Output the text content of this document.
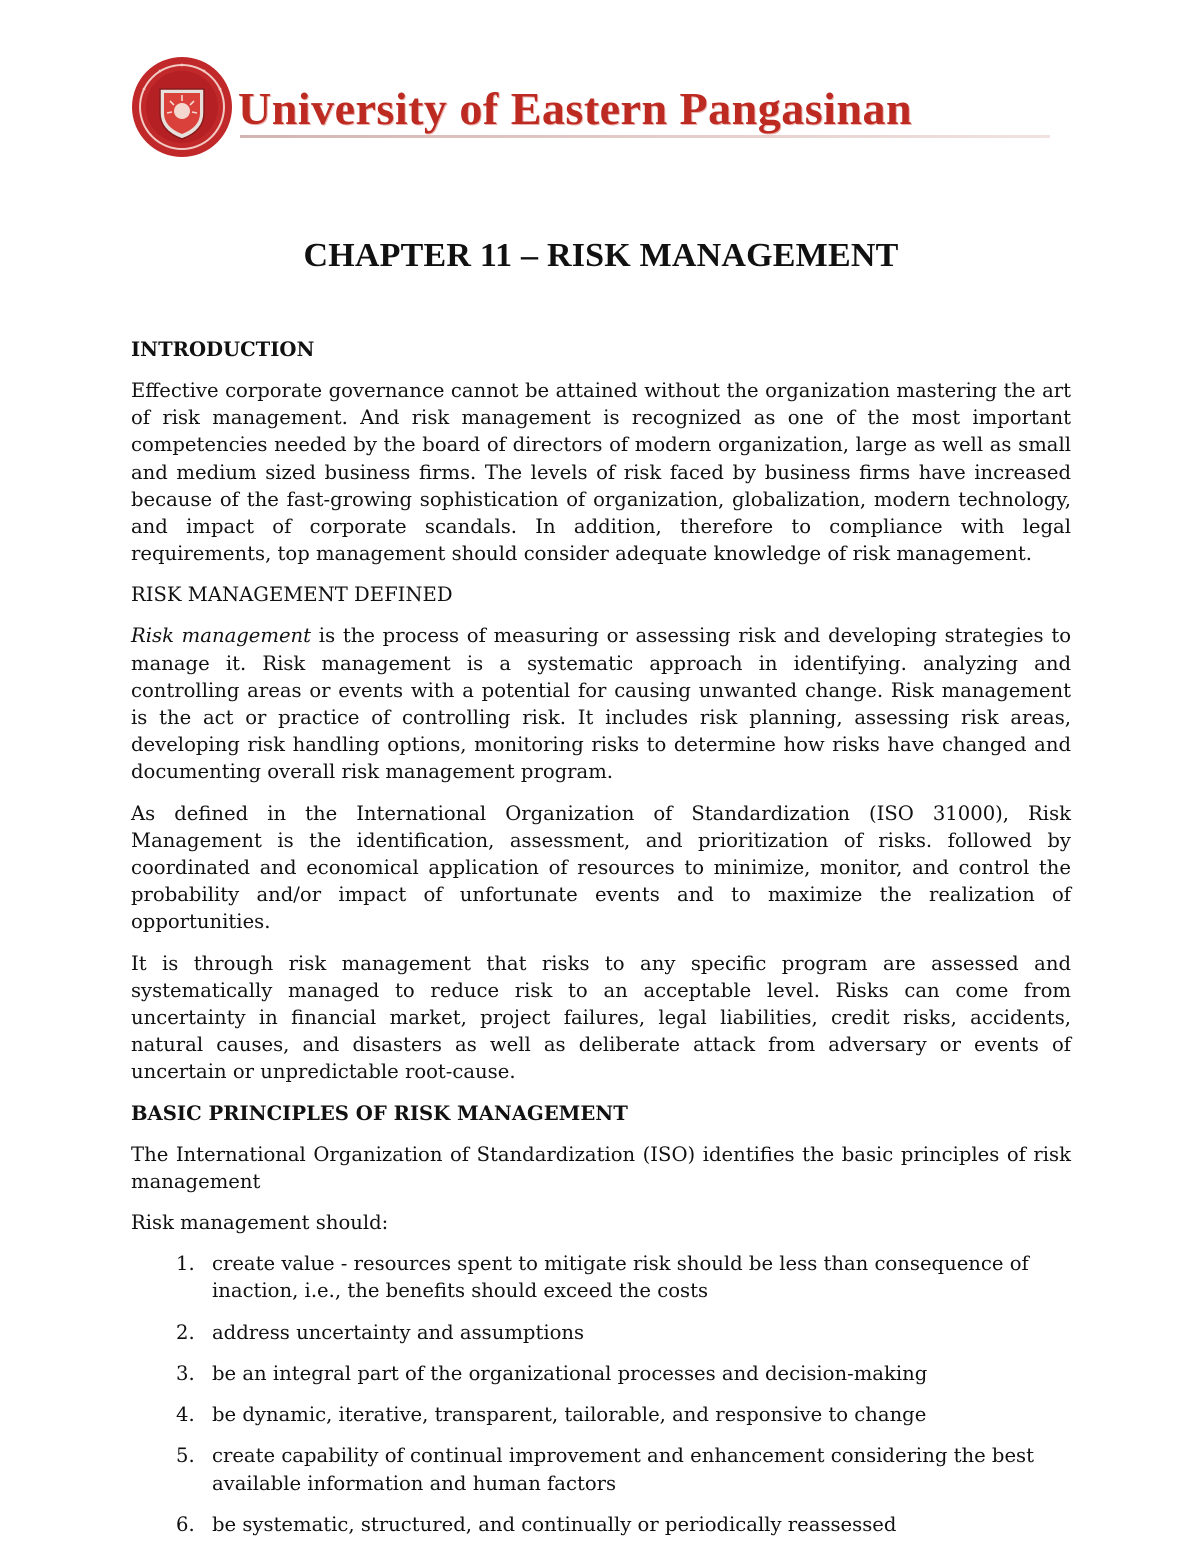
University of Eastern Pangasinan
CHAPTER 11 – RISK MANAGEMENT
INTRODUCTION

Effective corporate governance cannot be attained without the organization mastering the art of risk management. And risk management is recognized as one of the most important competencies needed by the board of directors of modern organization, large as well as small and medium sized business firms. The levels of risk faced by business firms have increased because of the fast-growing sophistication of organization, globalization, modern technology, and impact of corporate scandals. In addition, therefore to compliance with legal requirements, top management should consider adequate knowledge of risk management.

RISK MANAGEMENT DEFINED

Risk management is the process of measuring or assessing risk and developing strategies to manage it. Risk management is a systematic approach in identifying. analyzing and controlling areas or events with a potential for causing unwanted change. Risk management is the act or practice of controlling risk. It includes risk planning, assessing risk areas, developing risk handling options, monitoring risks to determine how risks have changed and documenting overall risk management program.

As defined in the International Organization of Standardization (ISO 31000), Risk Management is the identification, assessment, and prioritization of risks. followed by coordinated and economical application of resources to minimize, monitor, and control the probability and/or impact of unfortunate events and to maximize the realization of opportunities.

It is through risk management that risks to any specific program are assessed and systematically managed to reduce risk to an acceptable level. Risks can come from uncertainty in financial market, project failures, legal liabilities, credit risks, accidents, natural causes, and disasters as well as deliberate attack from adversary or events of uncertain or unpredictable root-cause.

BASIC PRINCIPLES OF RISK MANAGEMENT

The International Organization of Standardization (ISO) identifies the basic principles of risk management

Risk management should:

1. create value - resources spent to mitigate risk should be less than consequence of inaction, i.e., the benefits should exceed the costs
2. address uncertainty and assumptions
3. be an integral part of the organizational processes and decision-making
4. be dynamic, iterative, transparent, tailorable, and responsive to change
5. create capability of continual improvement and enhancement considering the best available information and human factors
6. be systematic, structured, and continually or periodically reassessed
